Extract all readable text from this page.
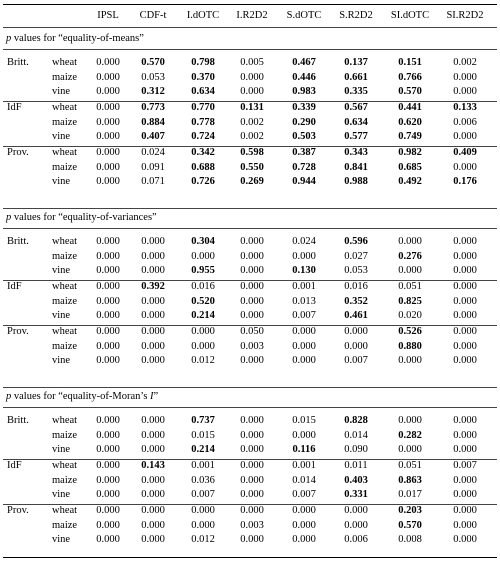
IPSL	CDF-t	I.dOTC	I.R2D2	S.dOTC	S.R2D2	SI.dOTC	SI.R2D2
p values for “equality-of-means”
Britt. wheat	0.000	0.570	0.798	0.005	0.467	0.137	0.151	0.002
maize	0.000	0.053	0.370	0.000	0.446	0.661	0.766	0.000
vine	0.000	0.312	0.634	0.000	0.983	0.335	0.570	0.000
IdF	wheat	0.000	0.773	0.770	0.131	0.339	0.567	0.441	0.133
maize	0.000	0.884	0.778	0.002	0.290	0.634	0.620	0.006
vine	0.000	0.407	0.724	0.002	0.503	0.577	0.749	0.000
Prov. wheat	0.000	0.024	0.342	0.598	0.387	0.343	0.982	0.409
maize	0.000	0.091	0.688	0.550	0.728	0.841	0.685	0.000
vine	0.000	0.071	0.726	0.269	0.944	0.988	0.492	0.176
p values for “equality-of-variances”
Britt. wheat	0.000	0.000	0.304	0.000	0.024	0.596	0.000	0.000
maize	0.000	0.000	0.000	0.000	0.000	0.027	0.276	0.000
vine	0.000	0.000	0.955	0.000	0.130	0.053	0.000	0.000
IdF	wheat	0.000	0.392	0.016	0.000	0.001	0.016	0.051	0.000
maize	0.000	0.000	0.520	0.000	0.013	0.352	0.825	0.000
vine	0.000	0.000	0.214	0.000	0.007	0.461	0.020	0.000
Prov. wheat	0.000	0.000	0.000	0.050	0.000	0.000	0.526	0.000
maize	0.000	0.000	0.000	0.003	0.000	0.000	0.880	0.000
vine	0.000	0.000	0.012	0.000	0.000	0.007	0.000	0.000
p values for “equality-of-Moran’s I”
Britt. wheat	0.000	0.000	0.737	0.000	0.015	0.828	0.000	0.000
maize	0.000	0.000	0.015	0.000	0.000	0.014	0.282	0.000
vine	0.000	0.000	0.214	0.000	0.116	0.090	0.000	0.000
IdF	wheat	0.000	0.143	0.001	0.000	0.001	0.011	0.051	0.007
maize	0.000	0.000	0.036	0.000	0.014	0.403	0.863	0.000
vine	0.000	0.000	0.007	0.000	0.007	0.331	0.017	0.000
Prov. wheat	0.000	0.000	0.000	0.000	0.000	0.000	0.203	0.000
maize	0.000	0.000	0.000	0.003	0.000	0.000	0.570	0.000
vine	0.000	0.000	0.012	0.000	0.000	0.006	0.008	0.000
